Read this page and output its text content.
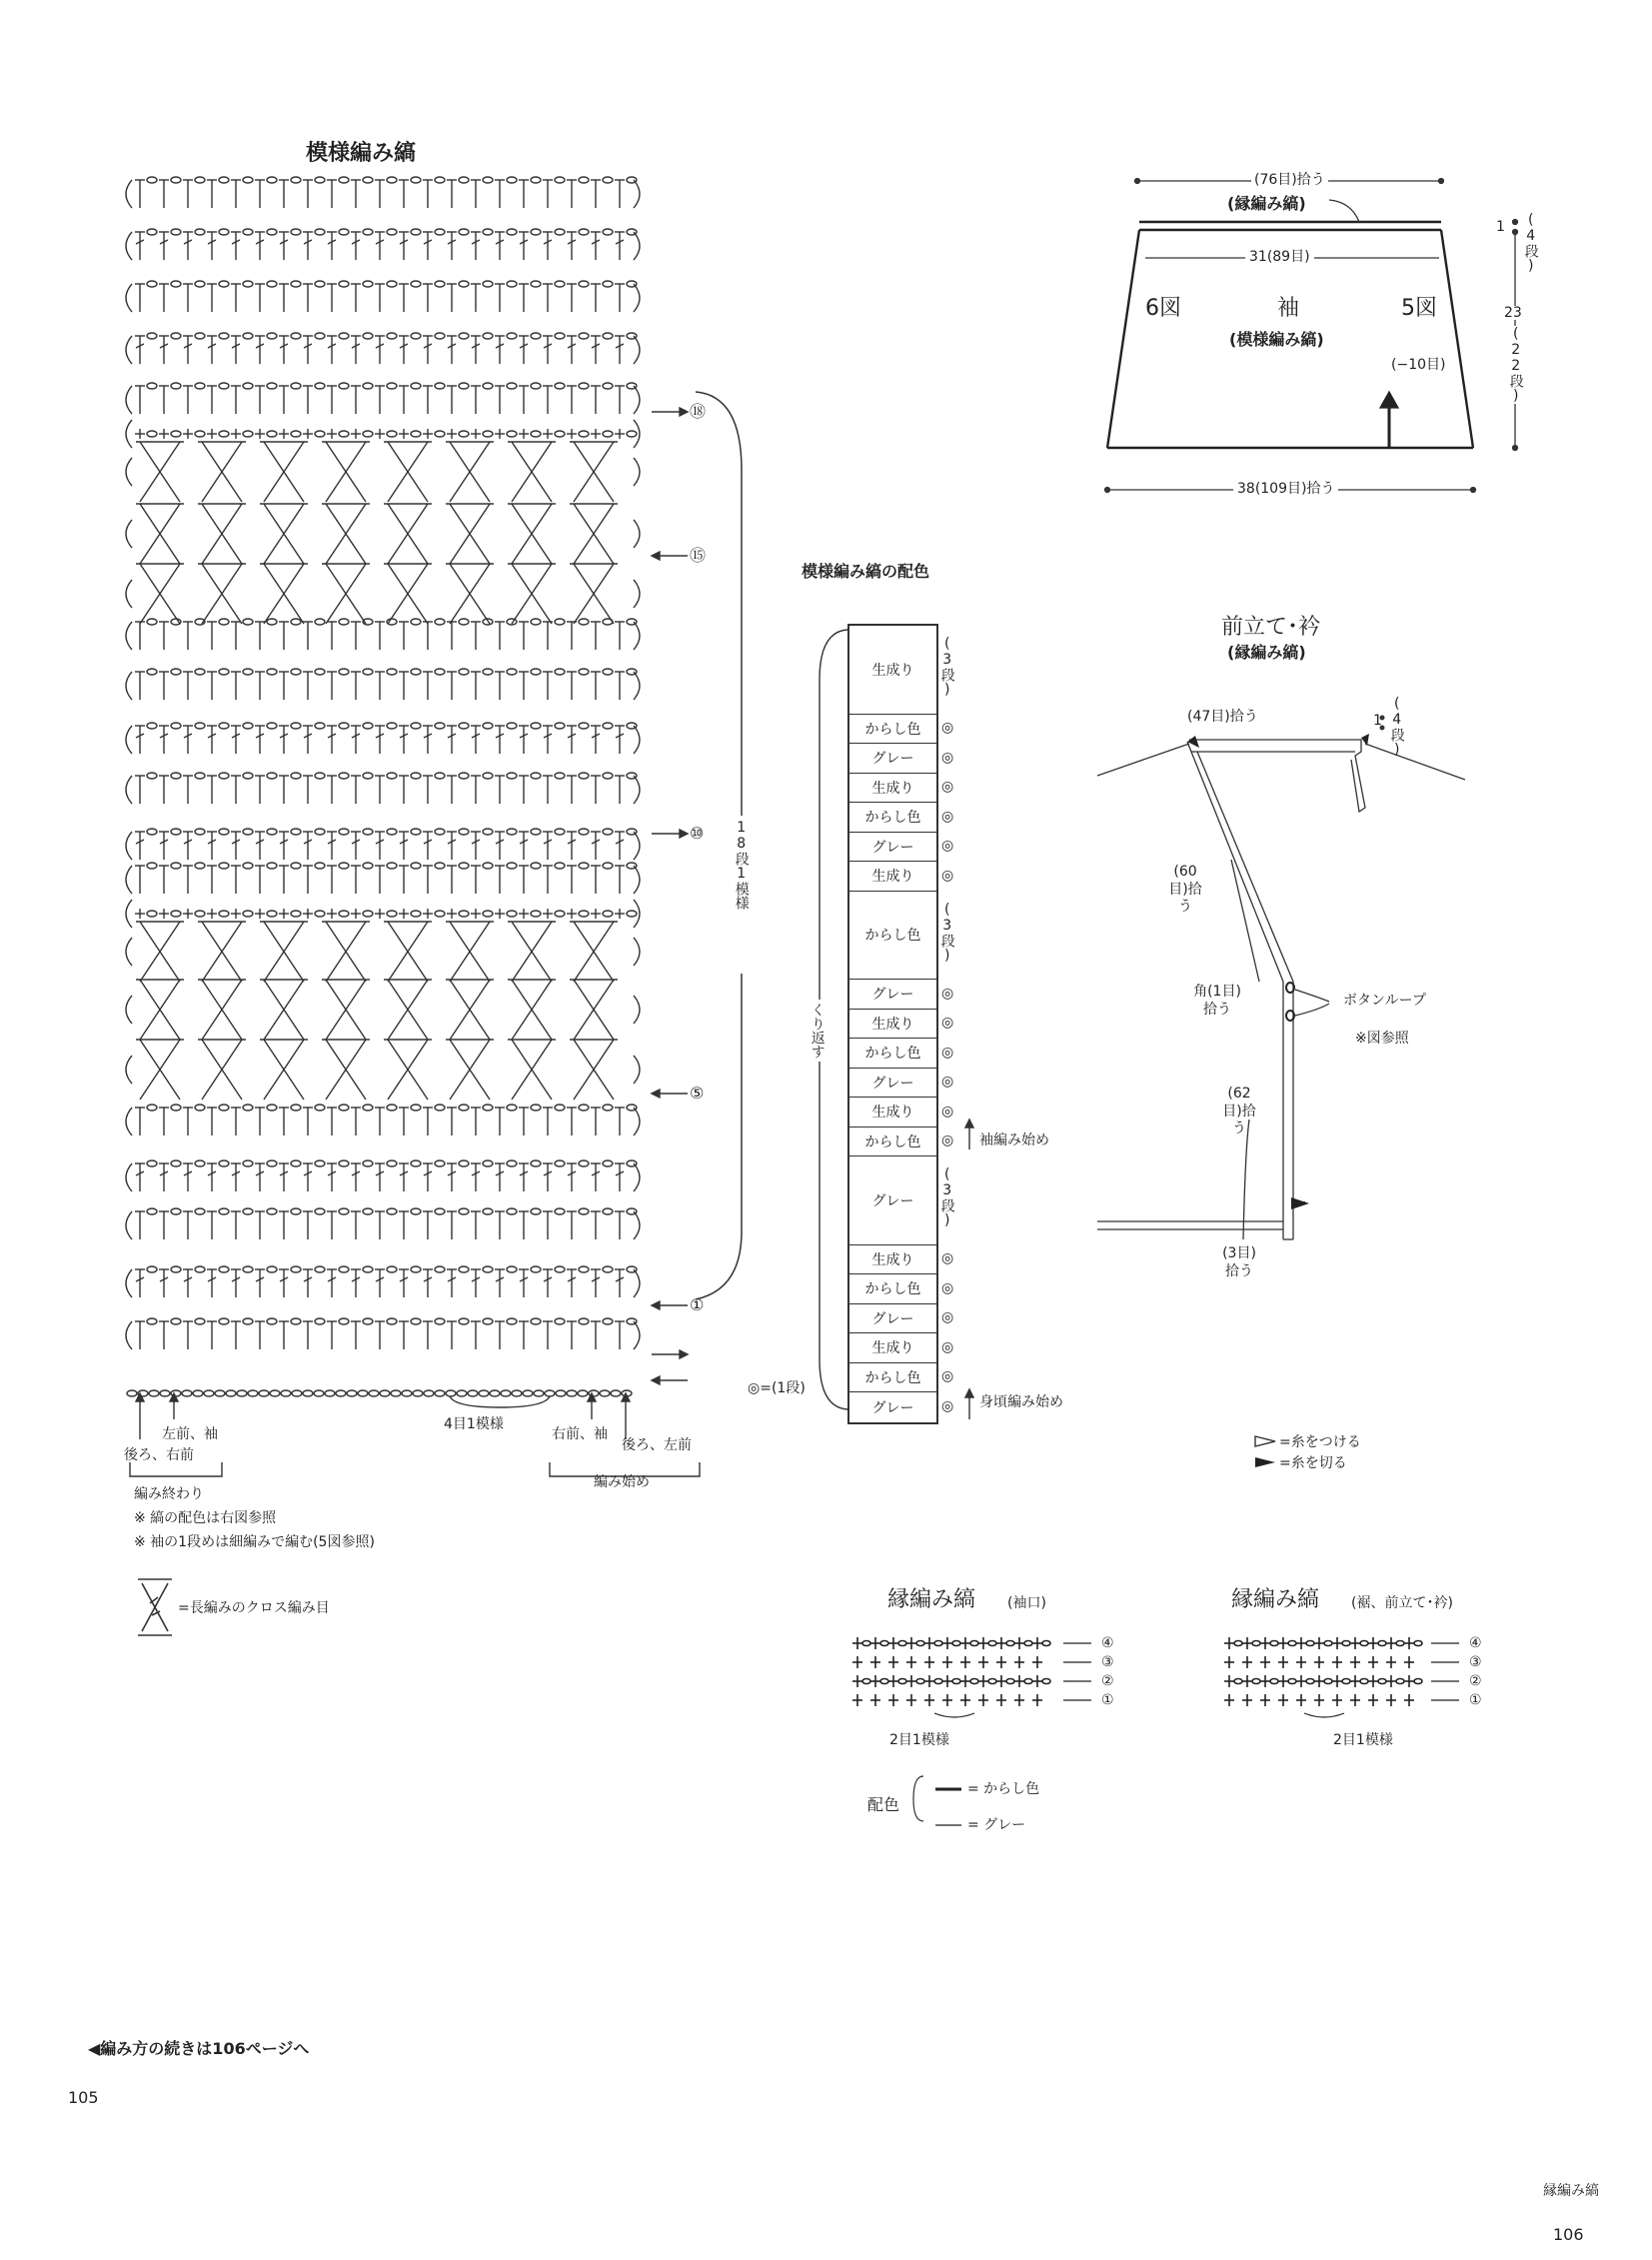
模様編み縞
⑱
⑮
⑩
⑤
①
18段1模様
4目1模様
左前、袖
後ろ、右前
右前、袖
後ろ、左前
編み終わり
編み始め
※ 縞の配色は右図参照
※ 袖の1段めは細編みで編む(5図参照)
=長編みのクロス編み目
(76目)拾う
(縁編み縞)
31(89目)
6図	袖
(模様編み縞)
5図
(−10目)
1 (4段)
23
(22段)
38(109目)拾う
模様編み縞の配色
生成り
からし色
グレー
生成り
からし色
グレー
生成り
からし色
グレー
生成り
からし色
グレー
生成り
からし色
グレー
生成り
からし色
グレー
生成り
からし色
グレー
くり返す
袖編み始め
身頃編み始め
◎=(1段)
前立て･衿
(縁編み縞)
(47目)拾う	1 (4段)
(60目)拾う
角(1目)拾う
ボタンループ
※図参照
(62目)拾う
(3目)拾う
=糸をつける
=糸を切る
縁編み縞 (袖口)
2目1模様
縁編み縞 (裾、前立て･衿)
2目1模様
④
③
②
①
④
③
②
①
配色
= からし色
= グレー
◀編み方の続きは106ページへ
105
縁編み縞
106
(3段)
◎
◎
◎
◎
◎
◎
(3段)
◎
◎
◎
◎
◎
◎
(3段)
◎
◎
◎
◎
◎
◎
